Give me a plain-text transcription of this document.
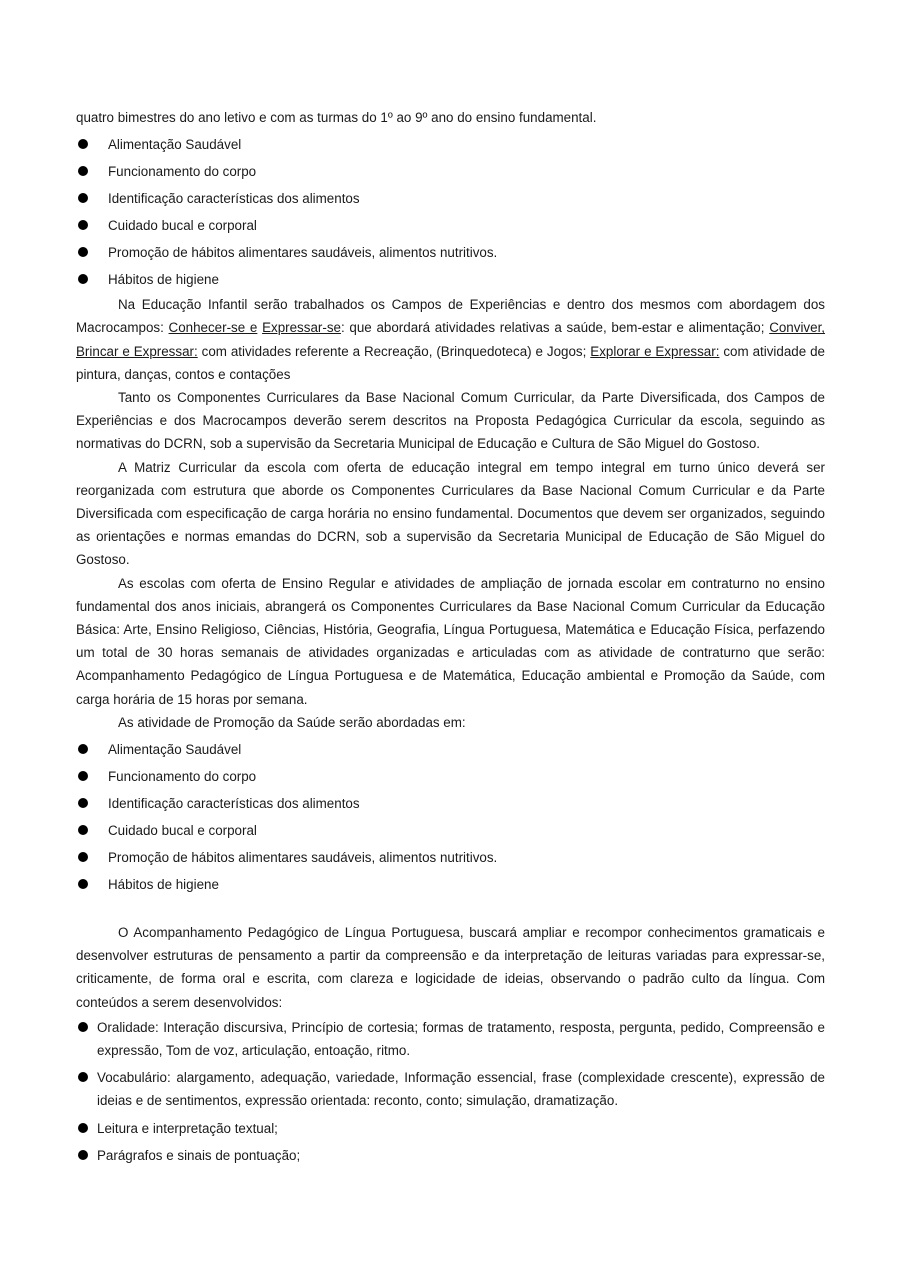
quatro bimestres do ano letivo e com as turmas do 1º ao 9º ano do ensino fundamental.

Alimentação Saudável
Funcionamento do corpo
Identificação características dos alimentos
Cuidado bucal e corporal
Promoção de hábitos alimentares saudáveis, alimentos nutritivos.
Hábitos de higiene

Na Educação Infantil serão trabalhados os Campos de Experiências e dentro dos mesmos com abordagem dos Macrocampos: Conhecer-se e Expressar-se: que abordará atividades relativas a saúde, bem-estar e alimentação; Conviver, Brincar e Expressar: com atividades referente a Recreação, (Brinquedoteca) e Jogos; Explorar e Expressar: com atividade de pintura, danças, contos e contações

Tanto os Componentes Curriculares da Base Nacional Comum Curricular, da Parte Diversificada, dos Campos de Experiências e dos Macrocampos deverão serem descritos na Proposta Pedagógica Curricular da escola, seguindo as normativas do DCRN, sob a supervisão da Secretaria Municipal de Educação e Cultura de São Miguel do Gostoso.

A Matriz Curricular da escola com oferta de educação integral em tempo integral em turno único deverá ser reorganizada com estrutura que aborde os Componentes Curriculares da Base Nacional Comum Curricular e da Parte Diversificada com especificação de carga horária no ensino fundamental. Documentos que devem ser organizados, seguindo as orientações e normas emandas do DCRN, sob a supervisão da Secretaria Municipal de Educação de São Miguel do Gostoso.

As escolas com oferta de Ensino Regular e atividades de ampliação de jornada escolar em contraturno no ensino fundamental dos anos iniciais, abrangerá os Componentes Curriculares da Base Nacional Comum Curricular da Educação Básica: Arte, Ensino Religioso, Ciências, História, Geografia, Língua Portuguesa, Matemática e Educação Física, perfazendo um total de 30 horas semanais de atividades organizadas e articuladas com as atividade de contraturno que serão: Acompanhamento Pedagógico de Língua Portuguesa e de Matemática, Educação ambiental e Promoção da Saúde, com carga horária de 15 horas por semana.

As atividade de Promoção da Saúde serão abordadas em:

Alimentação Saudável
Funcionamento do corpo
Identificação características dos alimentos
Cuidado bucal e corporal
Promoção de hábitos alimentares saudáveis, alimentos nutritivos.
Hábitos de higiene

O Acompanhamento Pedagógico de Língua Portuguesa, buscará ampliar e recompor conhecimentos gramaticais e desenvolver estruturas de pensamento a partir da compreensão e da interpretação de leituras variadas para expressar-se, criticamente, de forma oral e escrita, com clareza e logicidade de ideias, observando o padrão culto da língua. Com conteúdos a serem desenvolvidos:

Oralidade: Interação discursiva, Princípio de cortesia; formas de tratamento, resposta, pergunta, pedido, Compreensão e expressão, Tom de voz, articulação, entoação, ritmo.
Vocabulário: alargamento, adequação, variedade, Informação essencial, frase (complexidade crescente), expressão de ideias e de sentimentos, expressão orientada: reconto, conto; simulação, dramatização.
Leitura e interpretação textual;
Parágrafos e sinais de pontuação;
